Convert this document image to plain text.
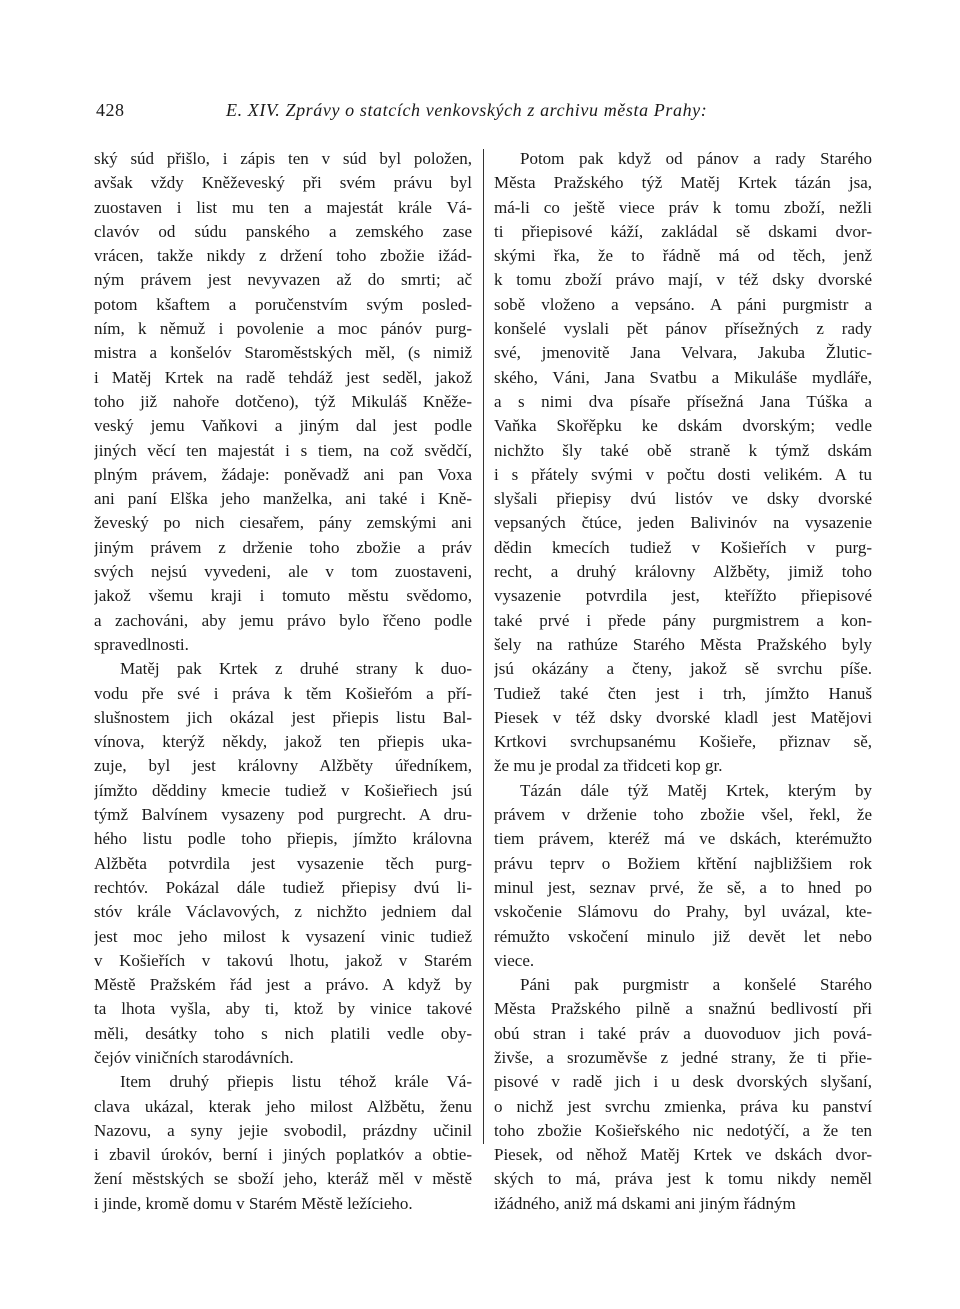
428	E. XIV. Zprávy o statcích venkovských z archivu města Prahy:
ský súd přišlo, i zápis ten v súd byl položen,
avšak vždy Kněževeský při svém právu byl
zuostaven i list mu ten a majestát krále Vá-
clavóv od súdu panského a zemského zase
vrácen, takže nikdy z držení toho zbožie ižád-
ným právem jest nevyvazen až do smrti; ač
potom kšaftem a poručenstvím svým posled-
ním, k němuž i povolenie a moc pánóv purg-
mistra a konšelóv Staroměstských měl, (s nimiž
i Matěj Krtek na radě tehdáž jest seděl, jakož
toho již nahoře dotčeno), týž Mikuláš Kněže-
veský jemu Vaňkovi a jiným dal jest podle
jiných věcí ten majestát i s tiem, na což svědčí,
plným právem, žádaje: poněvadž ani pan Voxa
ani paní Elška jeho manželka, ani také i Kně-
ževeský po nich ciesařem, pány zemskými ani
jiným právem z drženie toho zbožie a práv
svých nejsú vyvedeni, ale v tom zuostaveni,
jakož všemu kraji i tomuto městu svědomo,
a zachováni, aby jemu právo bylo řčeno podle
spravedlnosti.
Matěj pak Krtek z druhé strany k duo-
vodu pře své i práva k těm Košieřóm a pří-
slušnostem jich okázal jest přiepis listu Bal-
vínova, kterýž někdy, jakož ten přiepis uka-
zuje, byl jest královny Alžběty úředníkem,
jímžto děddiny kmecie tudiež v Košieřiech jsú
týmž Balvínem vysazeny pod purgrecht. A dru-
hého listu podle toho přiepis, jímžto královna
Alžběta potvrdila jest vysazenie těch purg-
rechtóv. Pokázal dále tudiež přiepisy dvú li-
stóv krále Václavových, z nichžto jedniem dal
jest moc jeho milost k vysazení vinic tudiež
v Košieřích v takovú lhotu, jakož v Starém
Městě Pražském řád jest a právo. A když by
ta lhota vyšla, aby ti, ktož by vinice takové
měli, desátky toho s nich platili vedle oby-
čejóv viničních starodávních.
Item druhý přiepis listu téhož krále Vá-
clava ukázal, kterak jeho milost Alžbětu, ženu
Nazovu, a syny jejie svobodil, prázdny učinil
i zbavil úrokóv, berní i jiných poplatkóv a obtie-
žení městských se sboží jeho, kteráž měl v městě
i jinde, kromě domu v Starém Městě ležícieho.
Potom pak když od pánov a rady Starého
Města Pražského týž Matěj Krtek tázán jsa,
má-li co ještě viece práv k tomu zboží, nežli
ti přiepisové káží, zakládal sě dskami dvor-
skými řka, že to řádně má od těch, jenž
k tomu zboží právo mají, v též dsky dvorské
sobě vloženo a vepsáno. A páni purgmistr a
konšelé vyslali pět pánov přísežných z rady
své, jmenovitě Jana Velvara, Jakuba Žlutic-
ského, Váni, Jana Svatbu a Mikuláše mydláře,
a s nimi dva písaře přísežná Jana Túška a
Vaňka Skořěpku ke dskám dvorským; vedle
nichžto šly také obě straně k týmž dskám
i s přátely svými v počtu dosti velikém. A tu
slyšali přiepisy dvú listóv ve dsky dvorské
vepsaných čtúce, jeden Balivinóv na vysazenie
dědin kmecích tudiež v Košieřích v purg-
recht, a druhý královny Alžběty, jimiž toho
vysazenie potvrdila jest, kteřížto přiepisové
také prvé i přede pány purgmistrem a kon-
šely na rathúze Starého Města Pražského byly
jsú okázány a čteny, jakož sě svrchu píše.
Tudiež také čten jest i trh, jímžto Hanuš
Piesek v též dsky dvorské kladl jest Matějovi
Krtkovi svrchupsanému Košieře, přiznav sě,
že mu je prodal za třidceti kop gr.
Tázán dále týž Matěj Krtek, kterým by
právem v drženie toho zbožie všel, řekl, že
tiem právem, kteréž má ve dskách, kterémužto
právu teprv o Božiem křtění najbližšiem rok
minul jest, seznav prvé, že sě, a to hned po
vskočenie Slámovu do Prahy, byl uvázal, kte-
rémužto vskočení minulo již devět let nebo
viece.
Páni pak purgmistr a konšelé Starého
Města Pražského pilně a snažnú bedlivostí při
obú stran i také práv a duovoduov jich pová-
živše, a srozuměvše z jedné strany, že ti přie-
pisové v radě jich i u desk dvorských slyšaní,
o nichž jest svrchu zmienka, práva ku panství
toho zbožie Košieřského nic nedotýčí, a že ten
Piesek, od něhož Matěj Krtek ve dskách dvor-
ských to má, práva jest k tomu nikdy neměl
ižádného, aniž má dskami ani jiným řádným
